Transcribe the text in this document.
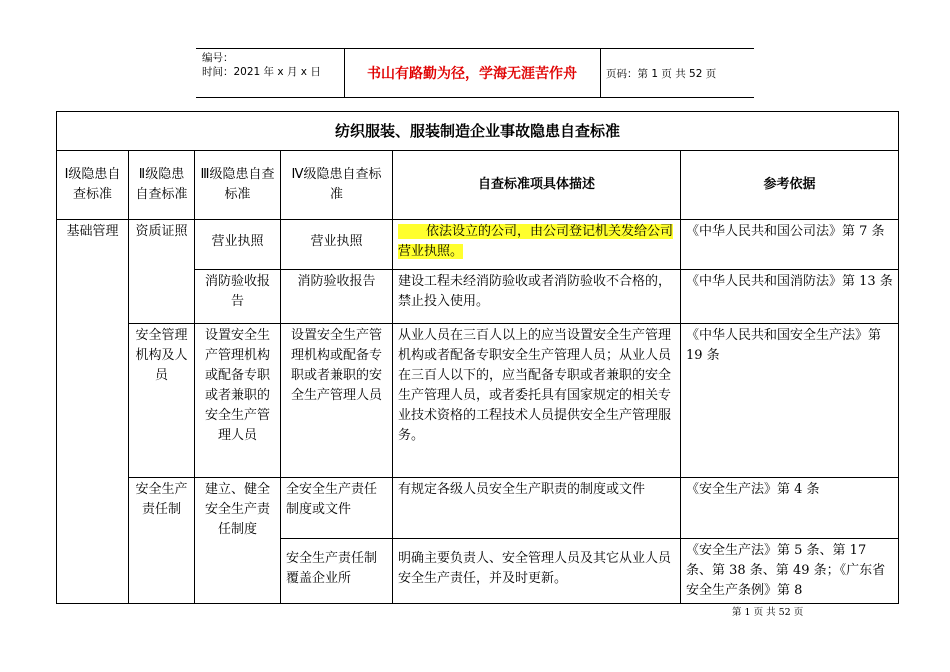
编号：
时间：2021 年 x 月 x 日	书山有路勤为径，学海无涯苦作舟	页码：第 1 页 共 52 页
纺织服装、服装制造企业事故隐患自查标准					
Ⅰ级隐患自查标准	Ⅱ级隐患自查标准	Ⅲ级隐患自查标准	Ⅳ级隐患自查标准	自查标准项具体描述	参考依据
基础管理	资质证照	营业执照	营业执照	依法设立的公司，由公司登记机关发给公司营业执照。	《中华人民共和国公司法》第 7 条
		消防验收报告	消防验收报告	建设工程未经消防验收或者消防验收不合格的，禁止投入使用。	《中华人民共和国消防法》第 13 条
	安全管理机构及人员	设置安全生产管理机构或配备专职或者兼职的安全生产管理人员	设置安全生产管理机构或配备专职或者兼职的安全生产管理人员	从业人员在三百人以上的应当设置安全生产管理机构或者配备专职安全生产管理人员；从业人员在三百人以下的，应当配备专职或者兼职的安全生产管理人员，或者委托具有国家规定的相关专业技术资格的工程技术人员提供安全生产管理服务。	《中华人民共和国安全生产法》第 19 条
	安全生产责任制	建立、健全安全生产责任制度	全安全生产责任制度或文件	有规定各级人员安全生产职责的制度或文件	《安全生产法》第 4 条
			安全生产责任制覆盖企业所	明确主要负责人、安全管理人员及其它从业人员安全生产责任，并及时更新。	《安全生产法》第 5 条、第 17 条、第 38 条、第 49 条；《广东省安全生产条例》第 8
第 1 页 共 52 页
